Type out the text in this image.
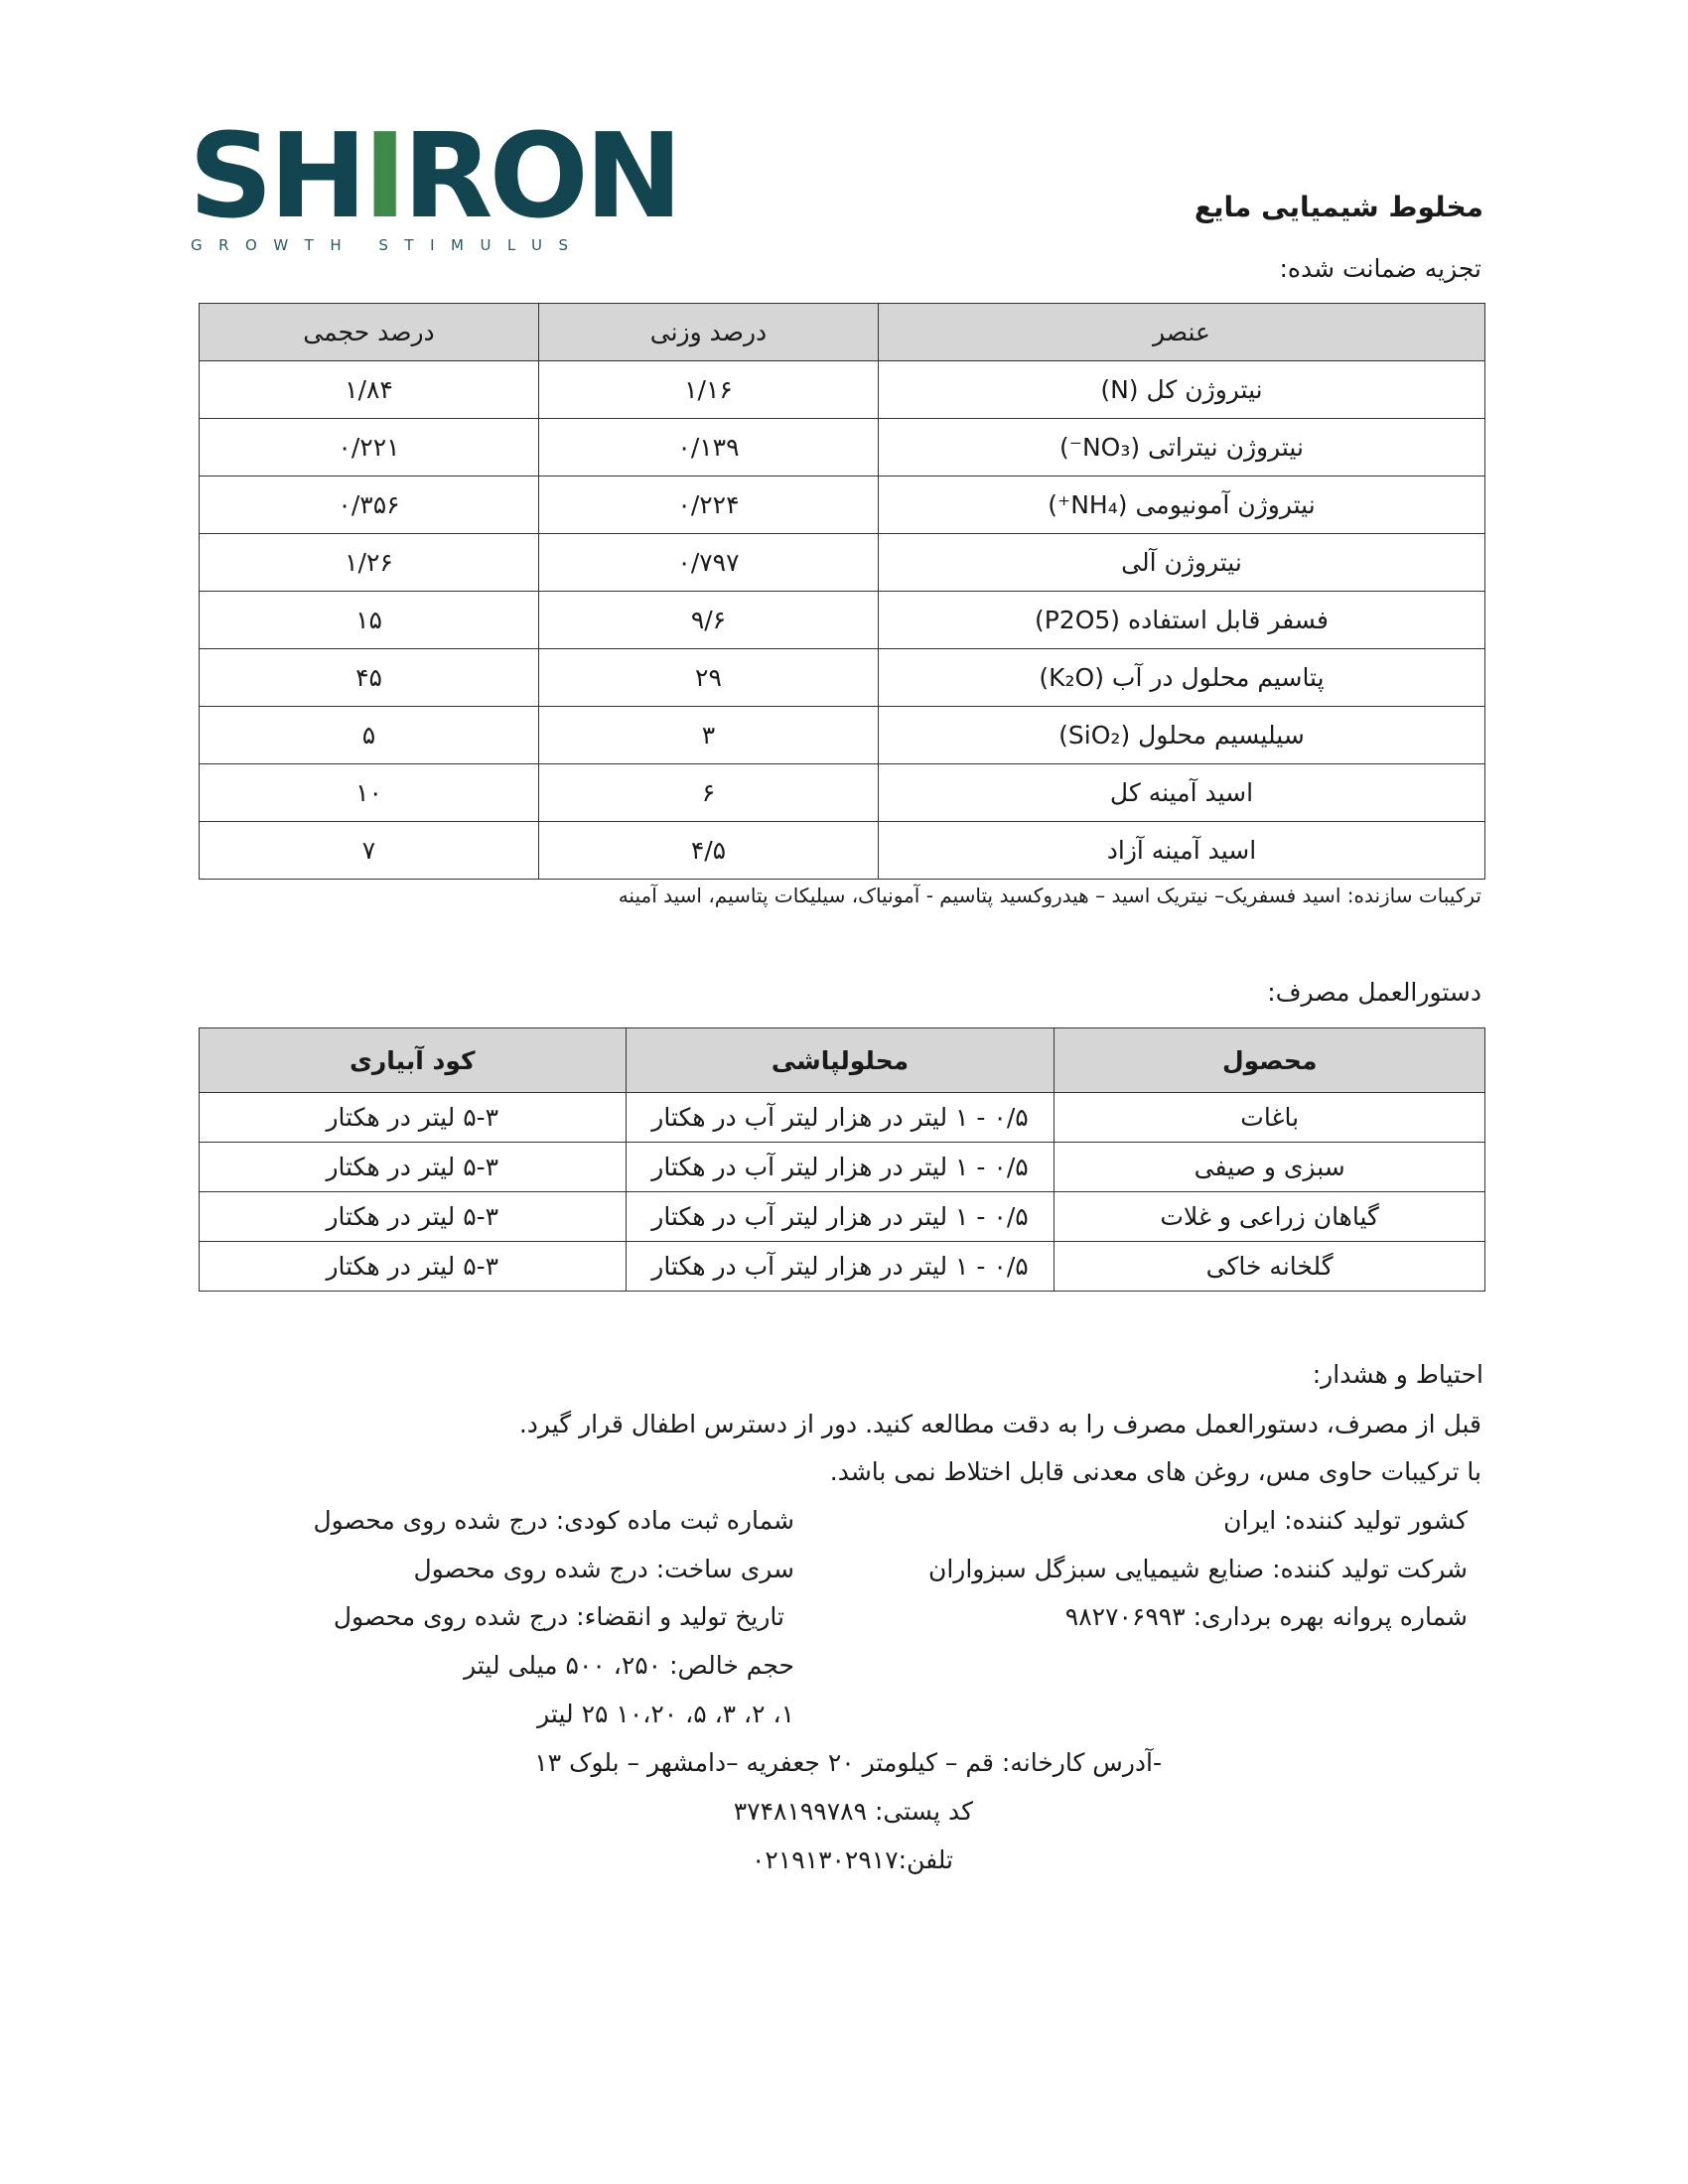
SHIRON
GROWTH STIMULUS
مخلوط شیمیایی مایع
تجزیه ضمانت شده:
عنصر	درصد وزنی	درصد حجمی
نیتروژن کل (N)	۱/۱۶	۱/۸۴
نیتروژن نیتراتی (NO₃⁻)	۰/۱۳۹	۰/۲۲۱
نیتروژن آمونیومی (NH₄⁺)	۰/۲۲۴	۰/۳۵۶
نیتروژن آلی	۰/۷۹۷	۱/۲۶
فسفر قابل استفاده (P2O5)	۹/۶	۱۵
پتاسیم محلول در آب (K₂O)	۲۹	۴۵
سیلیسیم محلول (SiO₂)	۳	۵
اسید آمینه کل	۶	۱۰
اسید آمینه آزاد	۴/۵	۷
ترکیبات سازنده: اسید فسفریک– نیتریک اسید – هیدروکسید پتاسیم - آمونیاک، سیلیکات پتاسیم، اسید آمینه
دستورالعمل مصرف:
محصول	محلولپاشی	کود آبیاری
باغات	۰/۵ - ۱ لیتر در هزار لیتر آب در هکتار	۵-۳ لیتر در هکتار
سبزی و صیفی	۰/۵ - ۱ لیتر در هزار لیتر آب در هکتار	۵-۳ لیتر در هکتار
گیاهان زراعی و غلات	۰/۵ - ۱ لیتر در هزار لیتر آب در هکتار	۵-۳ لیتر در هکتار
گلخانه خاکی	۰/۵ - ۱ لیتر در هزار لیتر آب در هکتار	۵-۳ لیتر در هکتار
احتیاط و هشدار:
قبل از مصرف، دستورالعمل مصرف را به دقت مطالعه کنید. دور از دسترس اطفال قرار گیرد.
با ترکیبات حاوی مس، روغن های معدنی قابل اختلاط نمی باشد.
کشور تولید کننده: ایران
شرکت تولید کننده: صنایع شیمیایی سبزگل سبزواران
شماره پروانه بهره برداری: ۹۸۲۷۰۶۹۹۳
شماره ثبت ماده کودی: درج شده روی محصول
سری ساخت: درج شده روی محصول
تاریخ تولید و انقضاء: درج شده روی محصول
حجم خالص: ۲۵۰، ۵۰۰ میلی لیتر
۱، ۲، ۳، ۵، ۱۰،۲۰ ۲۵ لیتر
-آدرس کارخانه: قم – کیلومتر ۲۰ جعفریه –دامشهر – بلوک ۱۳
کد پستی: ۳۷۴۸۱۹۹۷۸۹
تلفن:۰۲۱۹۱۳۰۲۹۱۷
